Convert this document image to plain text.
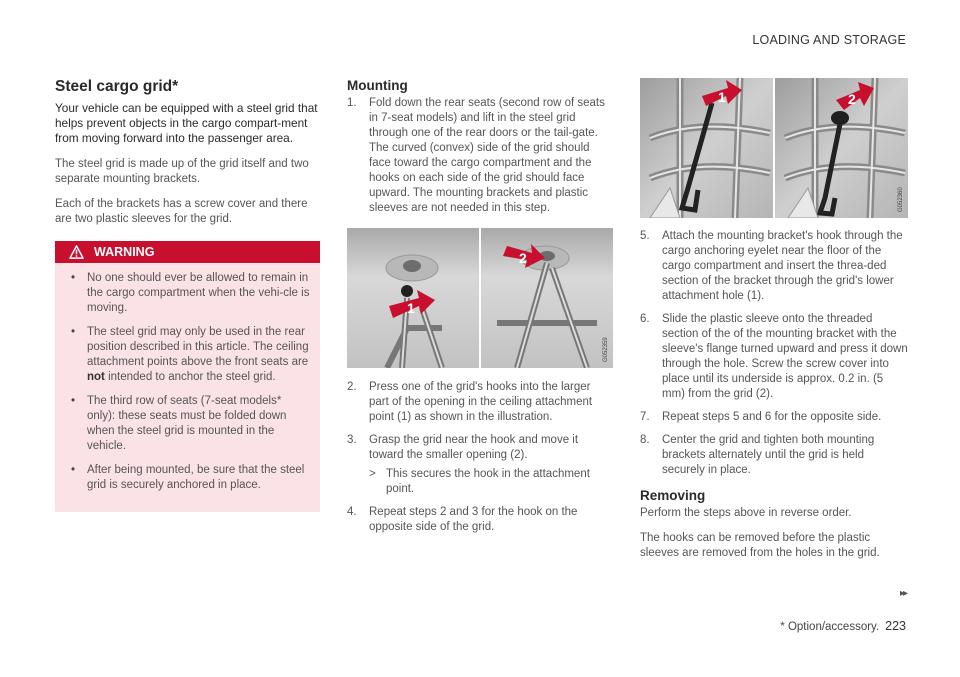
LOADING AND STORAGE
Steel cargo grid*
Your vehicle can be equipped with a steel grid that helps prevent objects in the cargo compart-ment from moving forward into the passenger area.

The steel grid is made up of the grid itself and two separate mounting brackets.

Each of the brackets has a screw cover and there are two plastic sleeves for the grid.

WARNING
• No one should ever be allowed to remain in the cargo compartment when the vehi-cle is moving.
• The steel grid may only be used in the rear position described in this article. The ceiling attachment points above the front seats are not intended to anchor the steel grid.
• The third row of seats (7-seat models* only): these seats must be folded down when the steel grid is mounted in the vehicle.
• After being mounted, be sure that the steel grid is securely anchored in place.
Mounting
1. Fold down the rear seats (second row of seats in 7-seat models) and lift in the steel grid through one of the rear doors or the tail-gate. The curved (convex) side of the grid should face toward the cargo compartment and the hooks on each side of the grid should face upward. The mounting brackets and plastic sleeves are not needed in this step.
1
2
G052359
2. Press one of the grid's hooks into the larger part of the opening in the ceiling attachment point (1) as shown in the illustration.
3. Grasp the grid near the hook and move it toward the smaller opening (2).
> This secures the hook in the attachment point.
4. Repeat steps 2 and 3 for the hook on the opposite side of the grid.
1	2
G052360
5. Attach the mounting bracket's hook through the cargo anchoring eyelet near the floor of the cargo compartment and insert the threa-ded section of the bracket through the grid's lower attachment hole (1).
6. Slide the plastic sleeve onto the threaded section of the of the mounting bracket with the sleeve's flange turned upward and press it down through the hole. Screw the screw cover into place until its underside is approx. 0.2 in. (5 mm) from the grid (2).
7. Repeat steps 5 and 6 for the opposite side.
8. Center the grid and tighten both mounting brackets alternately until the grid is held securely in place.
Removing

Perform the steps above in reverse order.

The hooks can be removed before the plastic sleeves are removed from the holes in the grid.

▸▸
* Option/accessory. 223
